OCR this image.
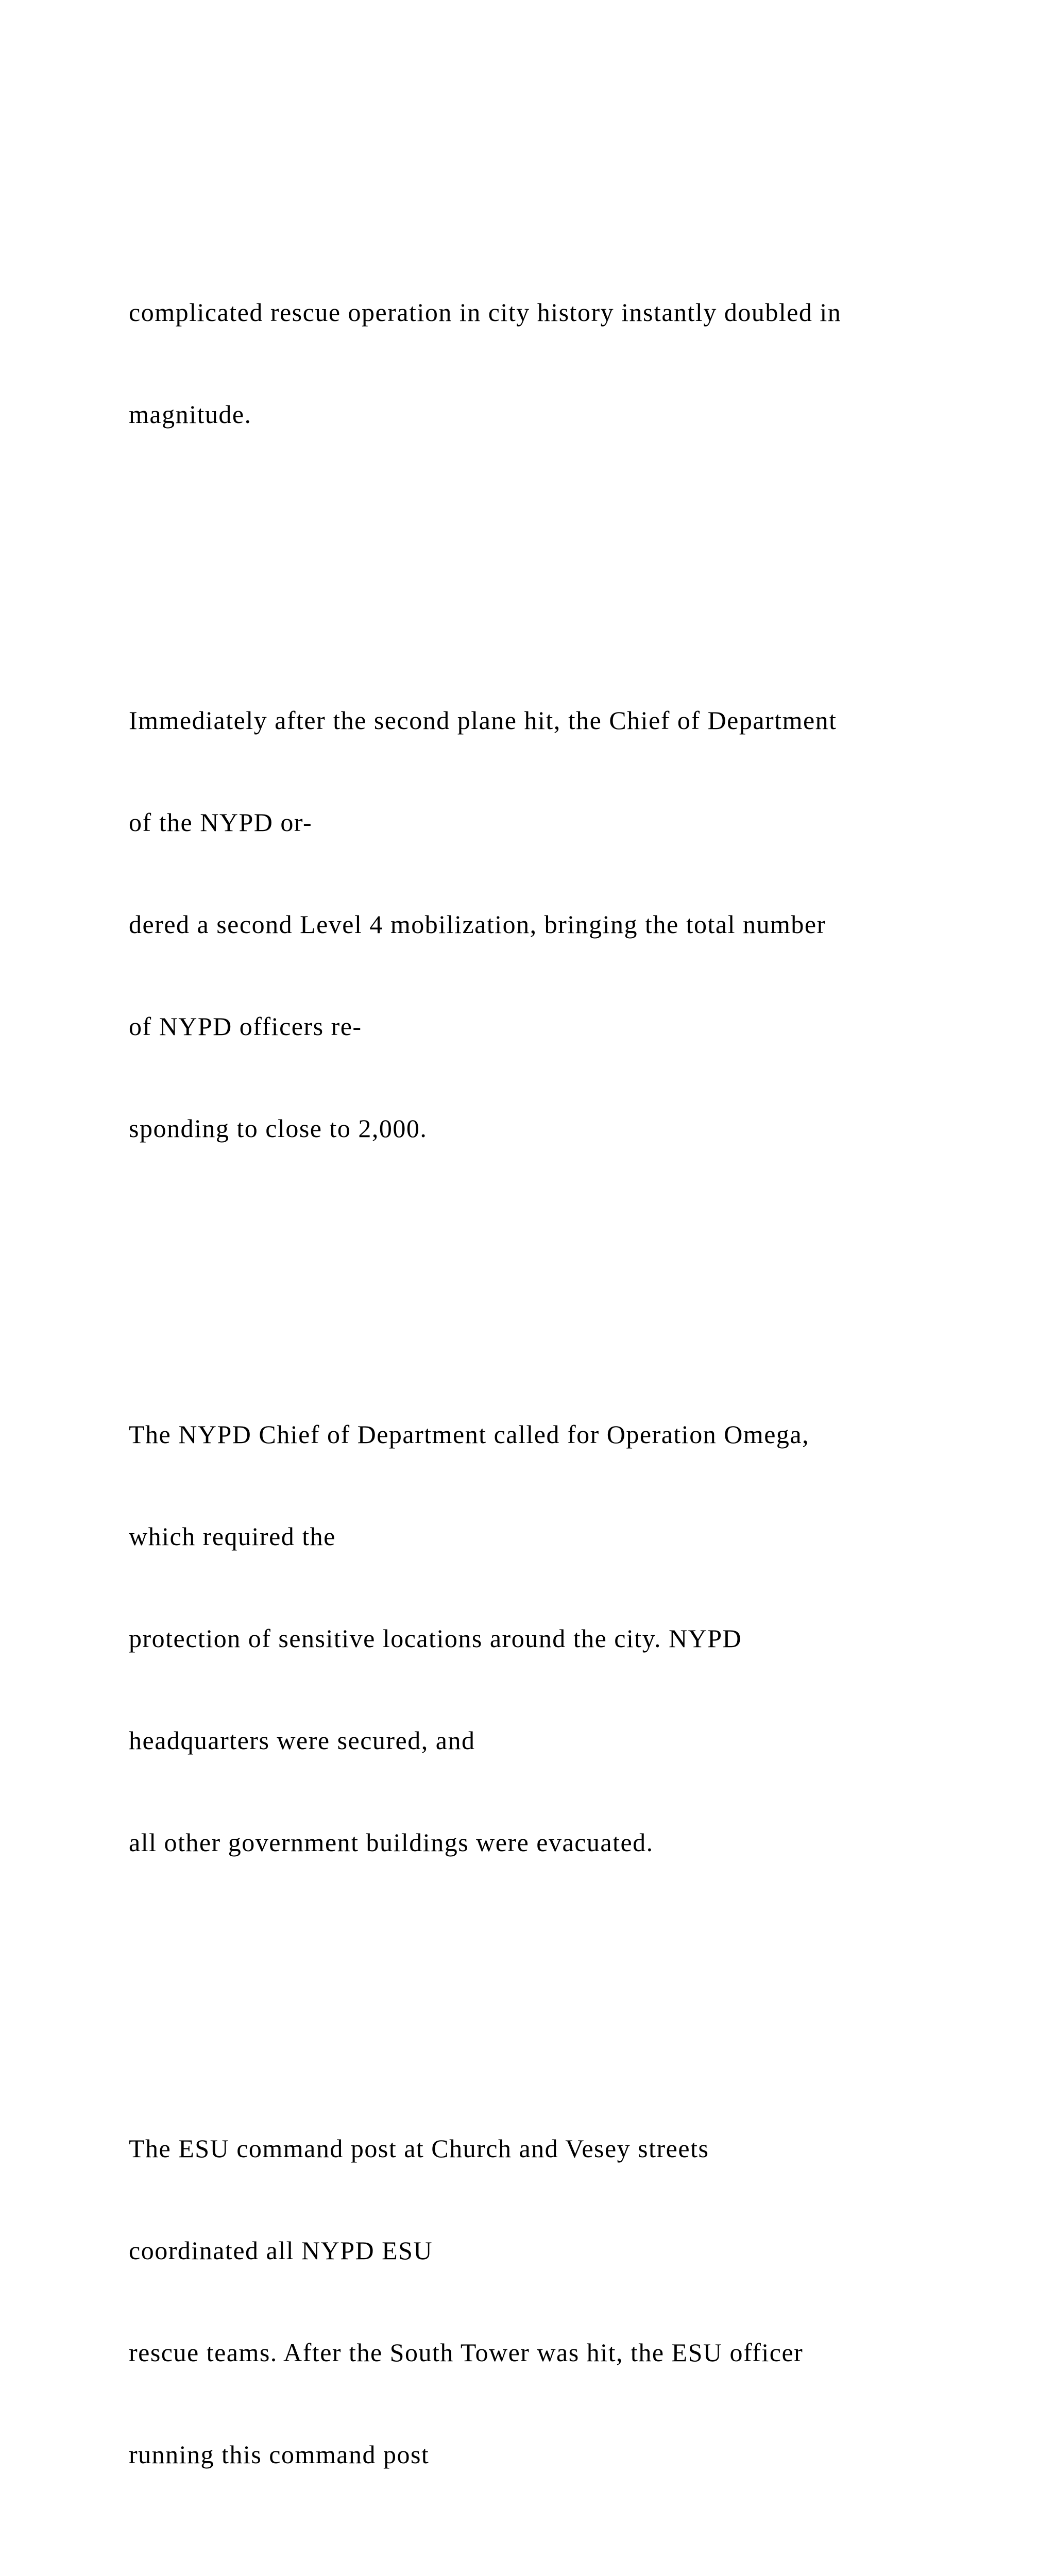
complicated rescue operation in city history instantly doubled in

magnitude.

Immediately after the second plane hit, the Chief of Department

of the NYPD or-

dered a second Level 4 mobilization, bringing the total number

of NYPD officers re-

sponding to close to 2,000.

The NYPD Chief of Department called for Operation Omega,

which required the

protection of sensitive locations around the city. NYPD

headquarters were secured, and

all other government buildings were evacuated.

The ESU command post at Church and Vesey streets

coordinated all NYPD ESU

rescue teams. After the South Tower was hit, the ESU officer

running this command post
